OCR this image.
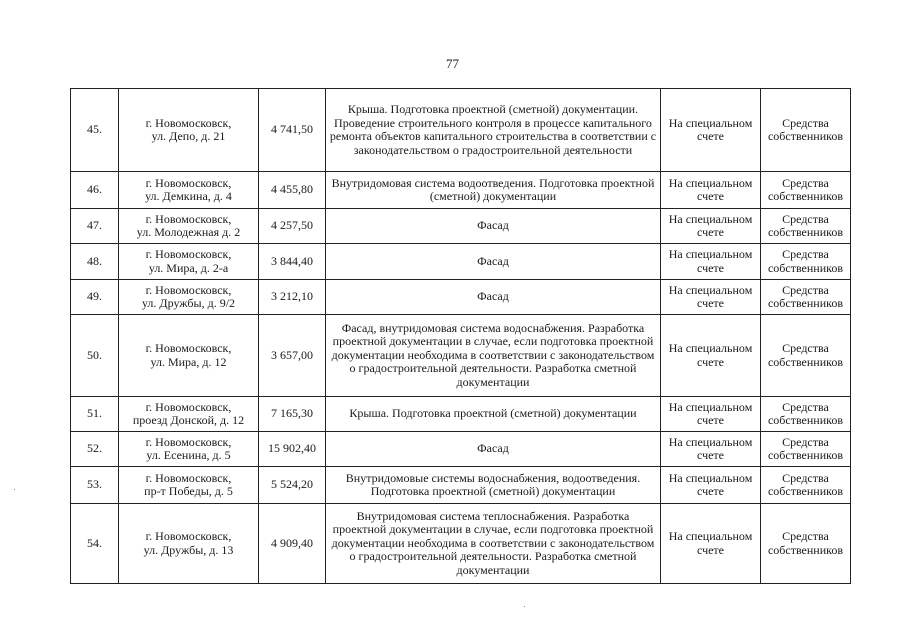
77
45.	г. Новомосковск,
ул. Депо, д. 21	4 741,50	Крыша. Подготовка проектной (сметной) документации. Проведение строительного контроля в процессе капитального ремонта объектов капитального строительства в соответствии с законодательством о градостроительной деятельности	На специальном счете	Средства собственников
46.	г. Новомосковск,
ул. Демкина, д. 4	4 455,80	Внутридомовая система водоотведения. Подготовка проектной (сметной) документации	На специальном счете	Средства собственников
47.	г. Новомосковск,
ул. Молодежная д. 2	4 257,50	Фасад	На специальном счете	Средства собственников
48.	г. Новомосковск,
ул. Мира, д. 2-а	3 844,40	Фасад	На специальном счете	Средства собственников
49.	г. Новомосковск,
ул. Дружбы, д. 9/2	3 212,10	Фасад	На специальном счете	Средства собственников
50.	г. Новомосковск,
ул. Мира, д. 12	3 657,00	Фасад, внутридомовая система водоснабжения. Разработка проектной документации в случае, если подготовка проектной документации необходима в соответствии с законодательством о градостроительной деятельности. Разработка сметной документации	На специальном счете	Средства собственников
51.	г. Новомосковск,
проезд Донской, д. 12	7 165,30	Крыша. Подготовка проектной (сметной) документации	На специальном счете	Средства собственников
52.	г. Новомосковск,
ул. Есенина, д. 5	15 902,40	Фасад	На специальном счете	Средства собственников
53.	г. Новомосковск,
пр-т Победы, д. 5	5 524,20	Внутридомовые системы водоснабжения, водоотведения. Подготовка проектной (сметной) документации	На специальном счете	Средства собственников
54.	г. Новомосковск,
ул. Дружбы, д. 13	4 909,40	Внутридомовая система теплоснабжения. Разработка проектной документации в случае, если подготовка проектной документации необходима в соответствии с законодательством о градостроительной деятельности. Разработка сметной документации	На специальном счете	Средства собственников
